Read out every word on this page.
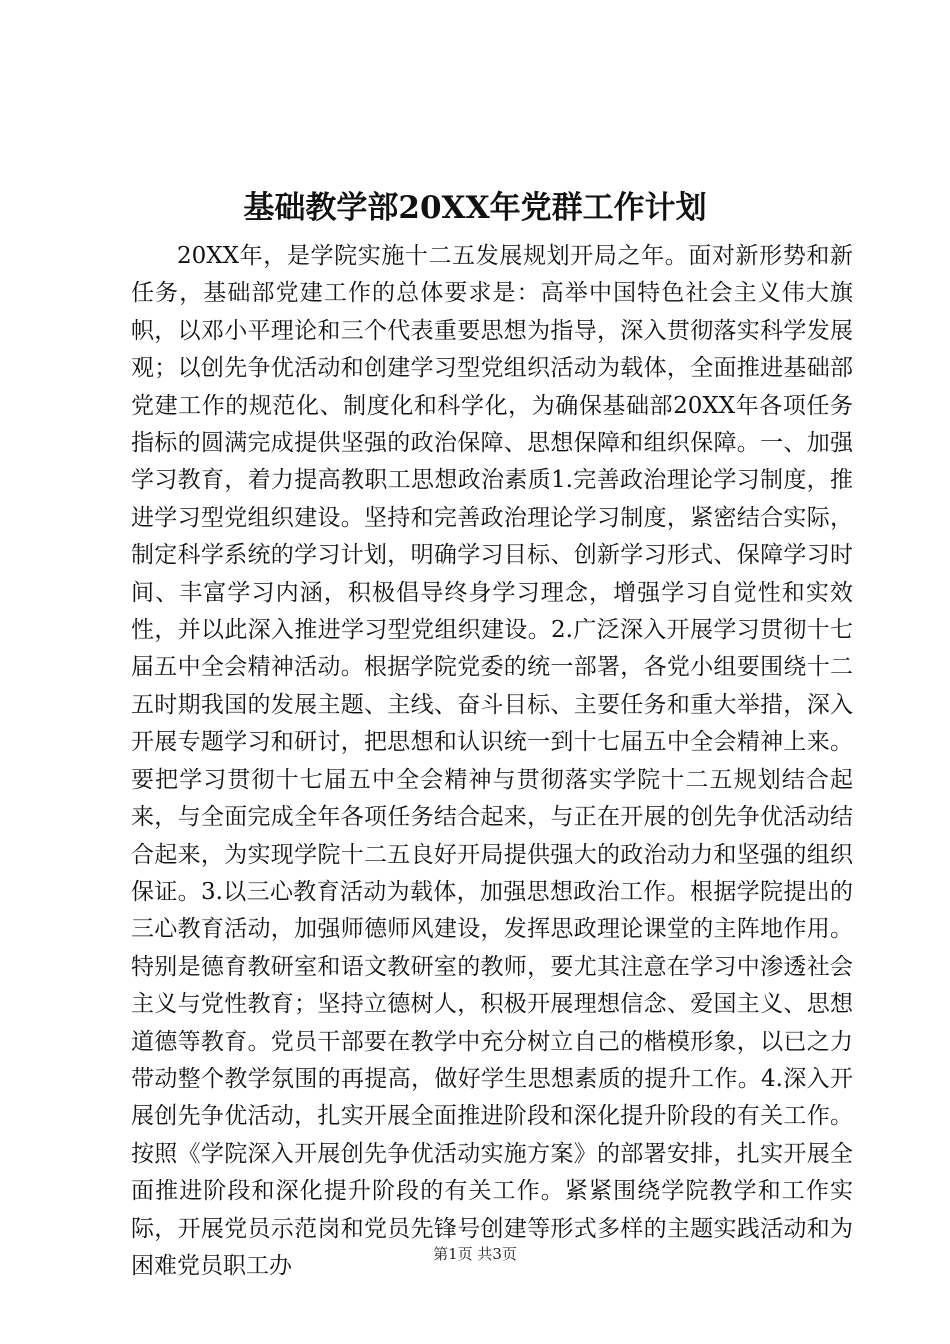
基础教学部20XX年党群工作计划

20XX年，是学院实施十二五发展规划开局之年。面对新形势和新任务，基础部党建工作的总体要求是：高举中国特色社会主义伟大旗帜，以邓小平理论和三个代表重要思想为指导，深入贯彻落实科学发展观；以创先争优活动和创建学习型党组织活动为载体，全面推进基础部党建工作的规范化、制度化和科学化，为确保基础部20XX年各项任务指标的圆满完成提供坚强的政治保障、思想保障和组织保障。一、加强学习教育，着力提高教职工思想政治素质1.完善政治理论学习制度，推进学习型党组织建设。坚持和完善政治理论学习制度，紧密结合实际，制定科学系统的学习计划，明确学习目标、创新学习形式、保障学习时间、丰富学习内涵，积极倡导终身学习理念，增强学习自觉性和实效性，并以此深入推进学习型党组织建设。2.广泛深入开展学习贯彻十七届五中全会精神活动。根据学院党委的统一部署，各党小组要围绕十二五时期我国的发展主题、主线、奋斗目标、主要任务和重大举措，深入开展专题学习和研讨，把思想和认识统一到十七届五中全会精神上来。要把学习贯彻十七届五中全会精神与贯彻落实学院十二五规划结合起来，与全面完成全年各项任务结合起来，与正在开展的创先争优活动结合起来，为实现学院十二五良好开局提供强大的政治动力和坚强的组织保证。3.以三心教育活动为载体，加强思想政治工作。根据学院提出的三心教育活动，加强师德师风建设，发挥思政理论课堂的主阵地作用。特别是德育教研室和语文教研室的教师，要尤其注意在学习中渗透社会主义与党性教育；坚持立德树人，积极开展理想信念、爱国主义、思想道德等教育。党员干部要在教学中充分树立自己的楷模形象，以已之力带动整个教学氛围的再提高，做好学生思想素质的提升工作。4.深入开展创先争优活动，扎实开展全面推进阶段和深化提升阶段的有关工作。按照《学院深入开展创先争优活动实施方案》的部署安排，扎实开展全面推进阶段和深化提升阶段的有关工作。紧紧围绕学院教学和工作实际，开展党员示范岗和党员先锋号创建等形式多样的主题实践活动和为困难党员职工办	第1页 共3页
